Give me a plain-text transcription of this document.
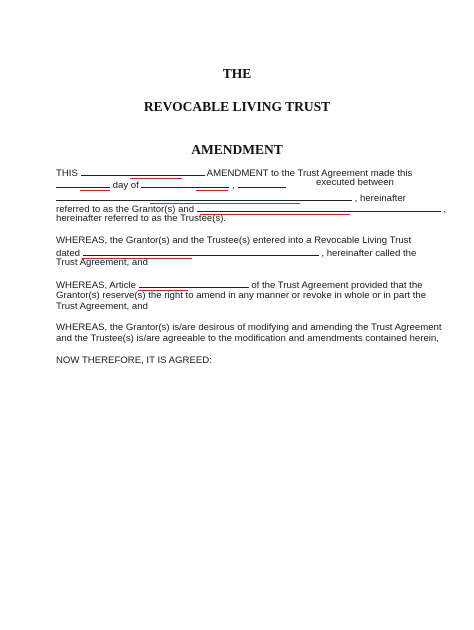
THE
REVOCABLE LIVING TRUST
AMENDMENT
THIS	AMENDMENT to the Trust Agreement made this
day of	,	executed between
, hereinafter
referred to as the Grantor(s) and	,
hereinafter referred to as the Trustee(s).
WHEREAS, the Grantor(s) and the Trustee(s) entered into a Revocable Living Trust
dated	, hereinafter called the
Trust Agreement, and
WHEREAS, Article	of the Trust Agreement provided that the
Grantor(s) reserve(s) the right to amend in any manner or revoke in whole or in part the
Trust Agreement, and
WHEREAS, the Grantor(s) is/are desirous of modifying and amending the Trust Agreement
and the Trustee(s) is/are agreeable to the modification and amendments contained herein,
NOW THEREFORE, IT IS AGREED:
